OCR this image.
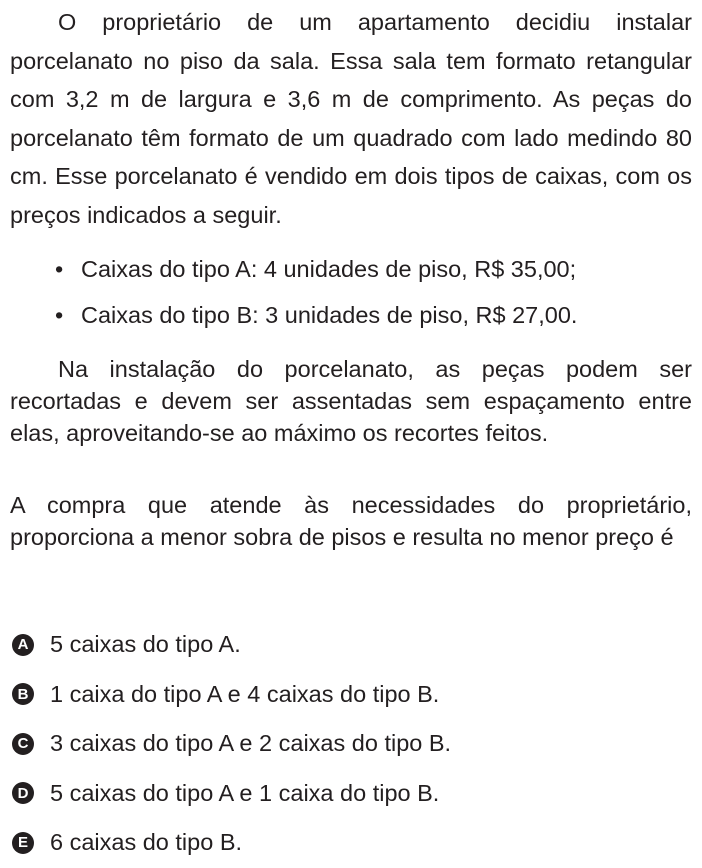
O proprietário de um apartamento decidiu instalar porcelanato no piso da sala. Essa sala tem formato retangular com 3,2 m de largura e 3,6 m de comprimento. As peças do porcelanato têm formato de um quadrado com lado medindo 80 cm. Esse porcelanato é vendido em dois tipos de caixas, com os preços indicados a seguir.

• Caixas do tipo A: 4 unidades de piso, R$ 35,00;
• Caixas do tipo B: 3 unidades de piso, R$ 27,00.

Na instalação do porcelanato, as peças podem ser recortadas e devem ser assentadas sem espaçamento entre elas, aproveitando-se ao máximo os recortes feitos.

A compra que atende às necessidades do proprietário, proporciona a menor sobra de pisos e resulta no menor preço é

A 5 caixas do tipo A.
B 1 caixa do tipo A e 4 caixas do tipo B.
C 3 caixas do tipo A e 2 caixas do tipo B.
D 5 caixas do tipo A e 1 caixa do tipo B.
E 6 caixas do tipo B.
